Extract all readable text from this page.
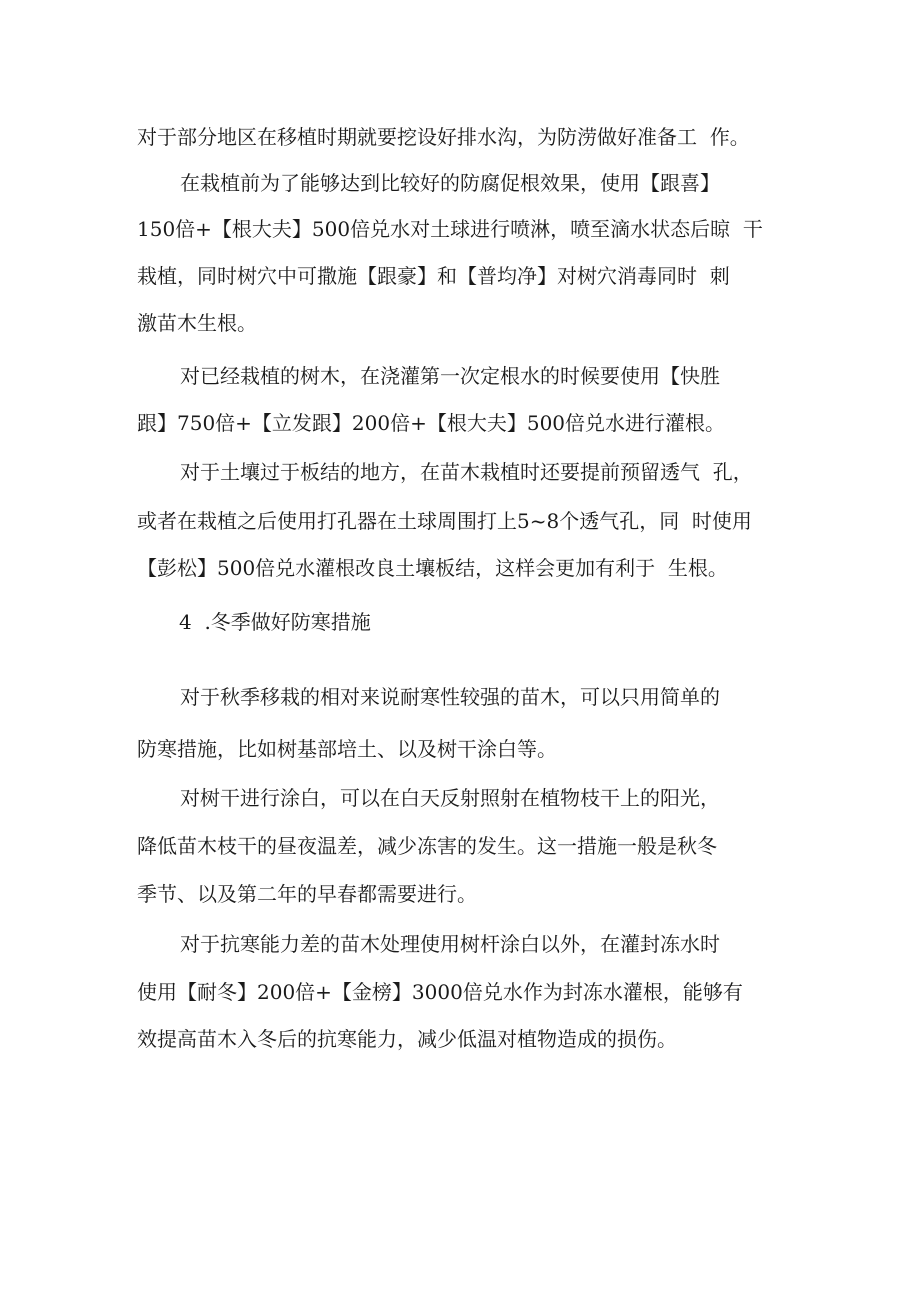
对于部分地区在移植时期就要挖设好排水沟，为防涝做好准备工  作。
在栽植前为了能够达到比较好的防腐促根效果，使用【跟喜】
150倍+【根大夫】500倍兑水对土球进行喷淋，喷至滴水状态后晾  干
栽植，同时树穴中可撒施【跟豪】和【普均净】对树穴消毒同时  刺
激苗木生根。
对已经栽植的树木，在浇灌第一次定根水的时候要使用【快胜
跟】750倍+【立发跟】200倍+【根大夫】500倍兑水进行灌根。
对于土壤过于板结的地方，在苗木栽植时还要提前预留透气  孔，
或者在栽植之后使用打孔器在土球周围打上5~8个透气孔，同  时使用
【彭松】500倍兑水灌根改良土壤板结，这样会更加有利于  生根。
4  .冬季做好防寒措施
对于秋季移栽的相对来说耐寒性较强的苗木，可以只用简单的
防寒措施，比如树基部培土、以及树干涂白等。
对树干进行涂白，可以在白天反射照射在植物枝干上的阳光，
降低苗木枝干的昼夜温差，减少冻害的发生。这一措施一般是秋冬
季节、以及第二年的早春都需要进行。
对于抗寒能力差的苗木处理使用树杆涂白以外，在灌封冻水时
使用【耐冬】200倍+【金榜】3000倍兑水作为封冻水灌根，能够有
效提高苗木入冬后的抗寒能力，减少低温对植物造成的损伤。
